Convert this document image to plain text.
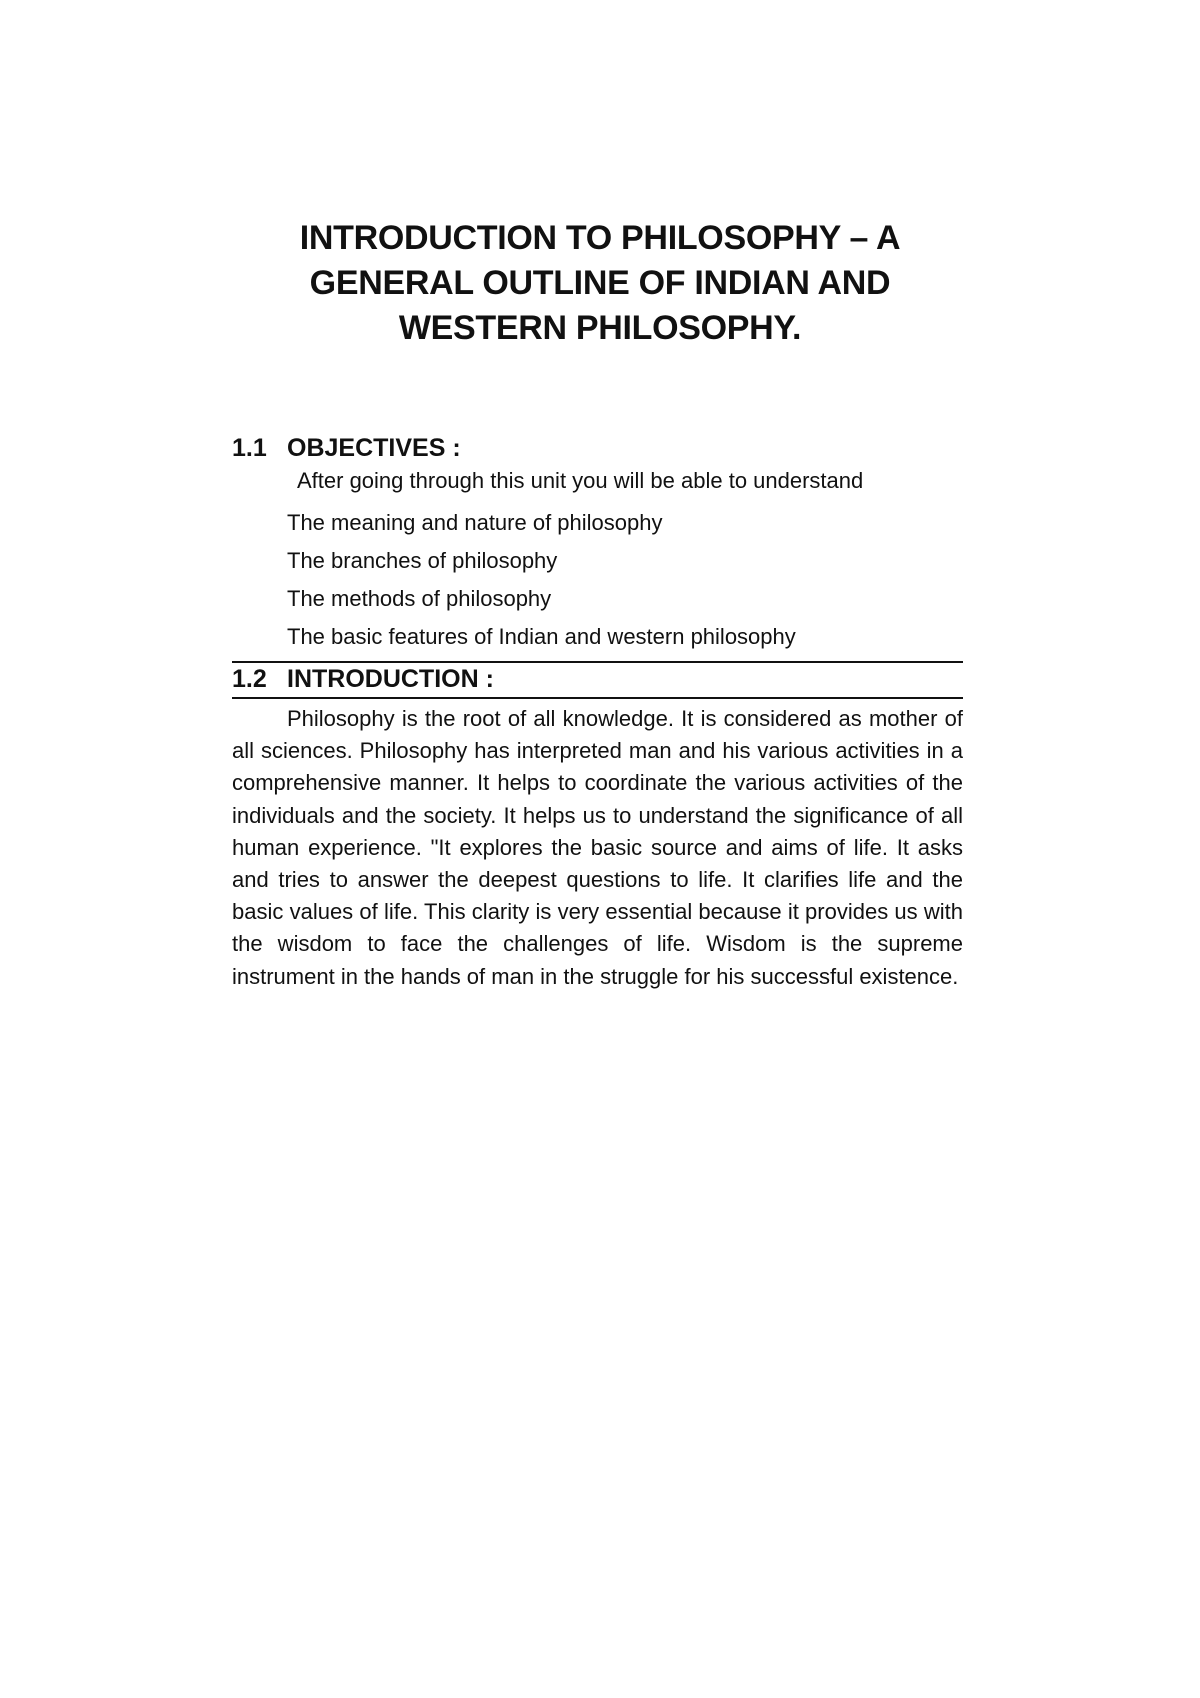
INTRODUCTION TO PHILOSOPHY – A
GENERAL OUTLINE OF INDIAN AND
WESTERN PHILOSOPHY.
1.1 OBJECTIVES :
After going through this unit you will be able to understand
The meaning and nature of philosophy
The branches of philosophy
The methods of philosophy
The basic features of Indian and western philosophy
1.2 INTRODUCTION :

Philosophy is the root of all knowledge. It is considered as mother of all sciences. Philosophy has interpreted man and his various activities in a comprehensive manner. It helps to coordinate the various activities of the individuals and the society. It helps us to understand the significance of all human experience. "It explores the basic source and aims of life. It asks and tries to answer the deepest questions to life. It clarifies life and the basic values of life. This clarity is very essential because it provides us with the wisdom to face the challenges of life. Wisdom is the supreme instrument in the hands of man in the struggle for his successful existence.
